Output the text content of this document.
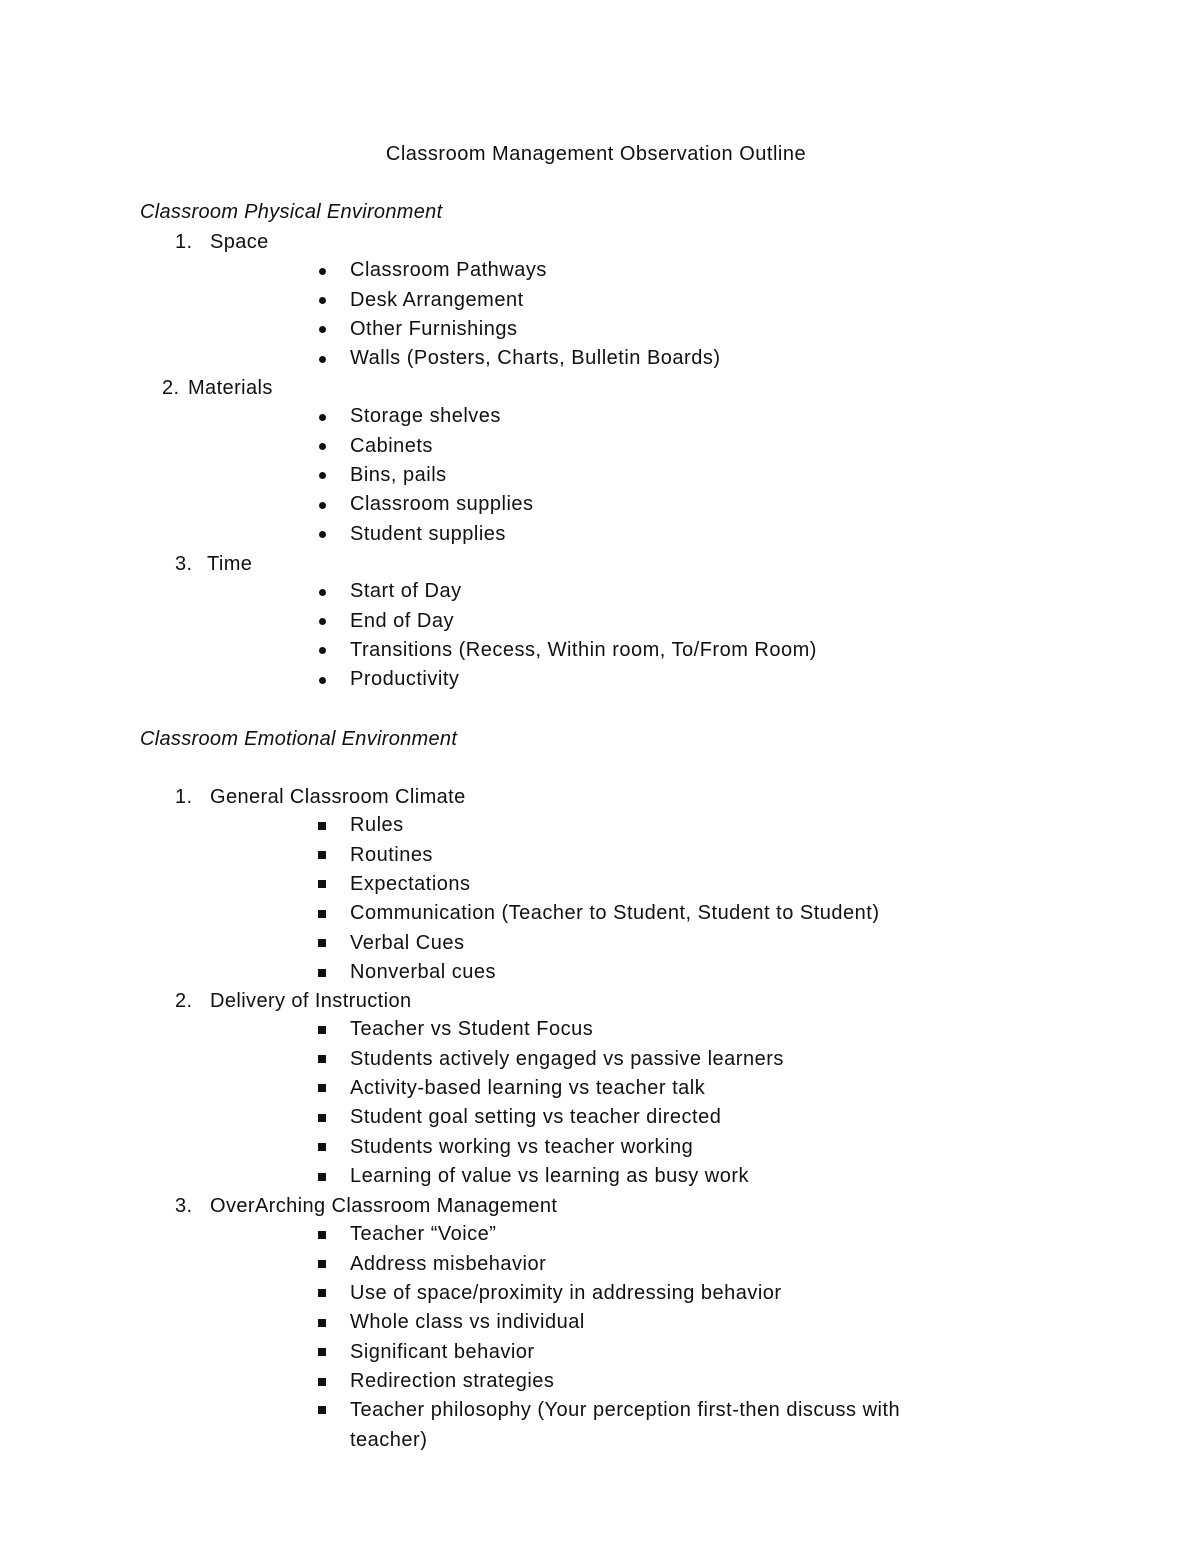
Classroom Management Observation Outline
Classroom Physical Environment
1. Space
Classroom Pathways
Desk Arrangement
Other Furnishings
Walls (Posters, Charts, Bulletin Boards)
2. Materials
Storage shelves
Cabinets
Bins, pails
Classroom supplies
Student supplies
3. Time
Start of Day
End of Day
Transitions (Recess, Within room, To/From Room)
Productivity
Classroom Emotional Environment
1. General Classroom Climate
Rules
Routines
Expectations
Communication (Teacher to Student, Student to Student)
Verbal Cues
Nonverbal cues
2. Delivery of Instruction
Teacher vs Student Focus
Students actively engaged vs passive learners
Activity-based learning vs teacher talk
Student goal setting vs teacher directed
Students working vs teacher working
Learning of value vs learning as busy work
3. OverArching Classroom Management
Teacher “Voice”
Address misbehavior
Use of space/proximity in addressing behavior
Whole class vs individual
Significant behavior
Redirection strategies
Teacher philosophy (Your perception first-then discuss with teacher)
